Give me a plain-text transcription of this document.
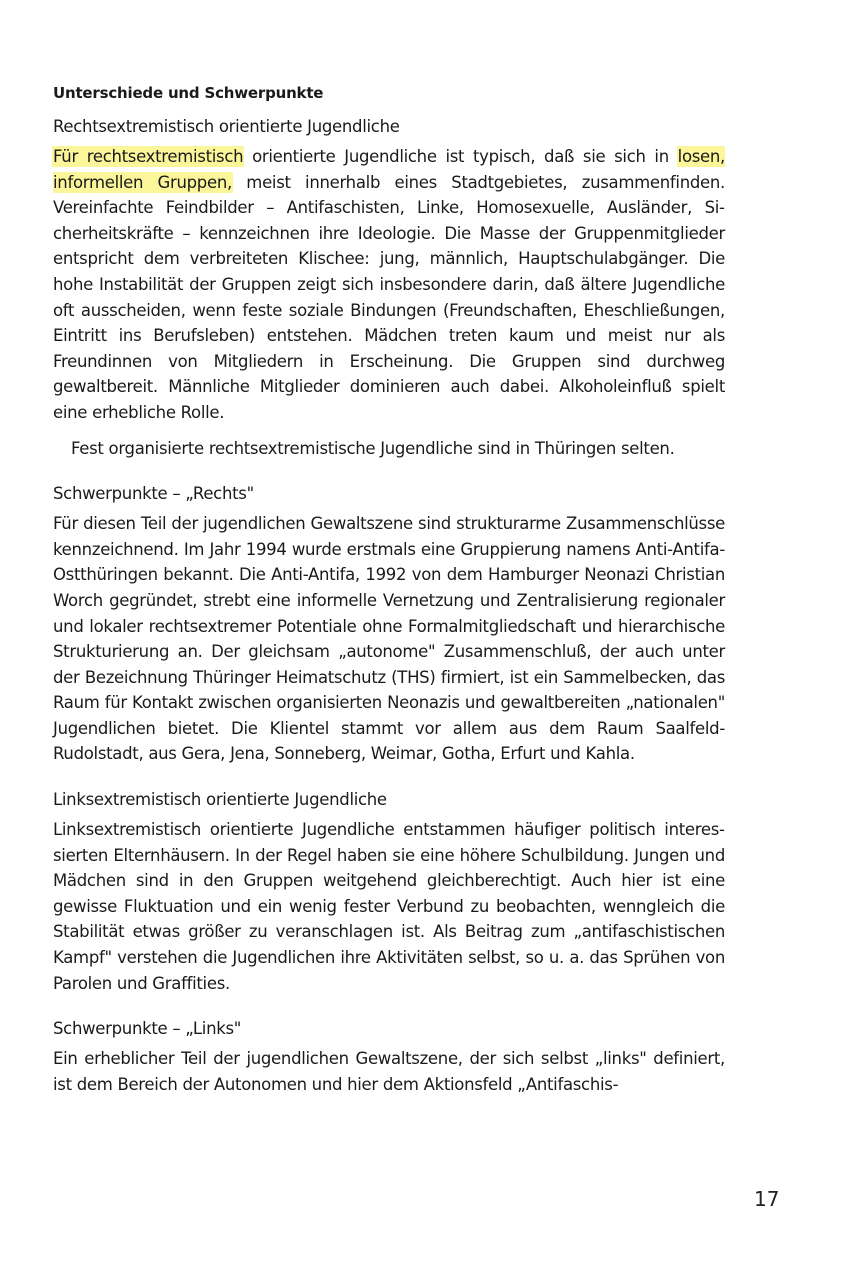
Unterschiede und Schwerpunkte
Rechtsextremistisch orientierte Jugendliche

Für rechtsextremistisch orientierte Jugendliche ist typisch, daß sie sich in losen, informellen Gruppen, meist innerhalb eines Stadtgebietes, zusammenfinden. Vereinfachte Feindbilder – Antifaschisten, Linke, Homosexuelle, Ausländer, Sicherheitskräfte – kennzeichnen ihre Ideologie. Die Masse der Gruppenmitglieder entspricht dem verbreiteten Klischee: jung, männlich, Hauptschulabgänger. Die hohe Instabilität der Gruppen zeigt sich insbesondere darin, daß ältere Jugendliche oft ausscheiden, wenn feste soziale Bindungen (Freundschaften, Eheschließungen, Eintritt ins Berufsleben) entstehen. Mädchen treten kaum und meist nur als Freundinnen von Mitgliedern in Erscheinung. Die Gruppen sind durchweg gewaltbereit. Männliche Mitglieder dominieren auch dabei. Alkoholeinfluß spielt eine erhebliche Rolle.

Fest organisierte rechtsextremistische Jugendliche sind in Thüringen selten.

Schwerpunkte – „Rechts"

Für diesen Teil der jugendlichen Gewaltszene sind strukturarme Zusammenschlüsse kennzeichnend. Im Jahr 1994 wurde erstmals eine Gruppierung namens Anti-Antifa-Ostthüringen bekannt. Die Anti-Antifa, 1992 von dem Hamburger Neonazi Christian Worch gegründet, strebt eine informelle Vernetzung und Zentralisierung regionaler und lokaler rechtsextremer Potentiale ohne Formalmitgliedschaft und hierarchische Strukturierung an. Der gleichsam „autonome" Zusammenschluß, der auch unter der Bezeichnung Thüringer Heimatschutz (THS) firmiert, ist ein Sammelbecken, das Raum für Kontakt zwischen organisierten Neonazis und gewaltbereiten „nationalen" Jugendlichen bietet. Die Klientel stammt vor allem aus dem Raum Saalfeld-Rudolstadt, aus Gera, Jena, Sonneberg, Weimar, Gotha, Erfurt und Kahla.

Linksextremistisch orientierte Jugendliche

Linksextremistisch orientierte Jugendliche entstammen häufiger politisch interessierten Elternhäusern. In der Regel haben sie eine höhere Schulbildung. Jungen und Mädchen sind in den Gruppen weitgehend gleichberechtigt. Auch hier ist eine gewisse Fluktuation und ein wenig fester Verbund zu beobachten, wenngleich die Stabilität etwas größer zu veranschlagen ist. Als Beitrag zum „antifaschistischen Kampf" verstehen die Jugendlichen ihre Aktivitäten selbst, so u. a. das Sprühen von Parolen und Graffities.

Schwerpunkte – „Links"

Ein erheblicher Teil der jugendlichen Gewaltszene, der sich selbst „links" definiert, ist dem Bereich der Autonomen und hier dem Aktionsfeld „Antifaschis-

17
